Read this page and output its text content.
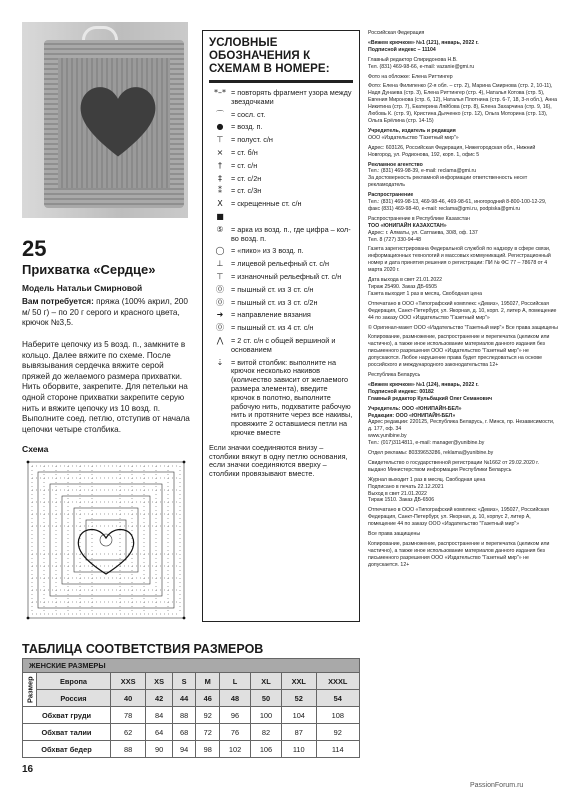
25
Прихватка «Сердце»
Модель Натальи Смирновой
Вам потребуется: пряжа (100% акрил, 200 м/ 50 г) – по 20 г серого и красного цвета, крючок №3,5.
Наберите цепочку из 5 возд. п., замкните в кольцо. Далее вяжите по схеме. После вывязывания сердечка вяжите серой пряжей до желаемого размера прихватки. Нить оборвите, закрепите. Для петельки на одной стороне прихватки закрепите серую нить и вяжите цепочку из 10 возд. п. Выполните соед. петлю, отступив от начала цепочки четыре столбика.
Схема
УСЛОВНЫЕ ОБОЗНАЧЕНИЯ К СХЕМАМ В НОМЕРЕ:
*–* = повторять фрагмент узора между звездочками
⌒ = сосл. ст.
●	= возд. п.
⊤	= полуст. с/н
×	= ст. б/н
†	= ст. с/н
‡	= ст. с/2н
⁑	= ст. с/3н
Χ	= скрещенные ст. с/н
■
⑤	= арка из возд. п., где цифра – кол-во возд. п.
◯ = «пико» из 3 возд. п.
⊥	= лицевой рельефный ст. с/н
⊤	= изнаночный рельефный ст. с/н
⓪ = пышный ст. из 3 ст. с/н
⓪ = пышный ст. из 3 ст. с/2н
➜	= направление вязания
⓪ = пышный ст. из 4 ст. с/н
⋀	= 2 ст. с/н с общей вершиной и основанием
⇣	= витой столбик: выполните на крючок несколько накивов (количество зависит от желаемого размера элемента), введите крючок в полотно, выполните рабочую нить, подхватите рабочую нить и протяните через все накивы, провяжите 2 оставшиеся петли на крючке вместе
Если значки соединяются внизу – столбики вяжут в одну петлю основания, если значки соединяются вверху – столбики провязывают вместе.

Российская Федерация

«Вяжем крючком» №1 (121), январь, 2022 г.
Подписной индекс – 11104

Главный редактор Спиридонова Н.В.
Тел. (831) 469-98-66, e-mail: vazaniе@gmi.ru

Фото на обложке: Елена Риттингер

Фото: Елена Филипенко (2-я обл. – стр. 2), Марина Смирнова (стр. 2, 10-11), Надя Дунаева (стр. 3), Елена Риттингер (стр. 4), Наталья Котова (стр. 5), Евгения Миронова (стр. 6, 12), Наталья Плотнина (стр. 6-7, 18, 3-я обл.), Анна Никитина (стр. 7), Екатерина Ляйбова (стр. 8), Елена Захарчина (стр. 9, 16), Любовь К. (стр. 9), Кристина Дьяченко (стр. 12), Ольга Моторина (стр. 13), Ольга Ерёлина (стр. 14-15)

Учредитель, издатель и редакция
ООО «Издательство "Газетный мир"»

Адрес: 603126, Российская Федерация, Нижегородская обл., Нижний Новгород, ул. Родионова, 192, корп. 1, офис 5

Рекламное агентство
Тел.: (831) 469-98-39, e-mail: reclama@gmi.ru
За достоверность рекламной информации ответственность несет рекламодатель

Распространение
Тел.: (831) 469-98-13, 469-98-46, 469-98-61, иногородний 8-800-100-12-29, факс (831) 469-98-40, e-mail: reclama@gmi.ru, podpiska@gmi.ru

Распространение в Республике Казахстан
ТОО «ЮНИПАЙН КАЗАХСТАН»
Адрес: г. Алматы, ул. Сатпаева, 30/8, оф. 137
Тел. 8 (727) 330-94-48

Газета зарегистрирована Федеральной службой по надзору в сфере связи, информационных технологий и массовых коммуникаций. Регистрационный номер и дата принятия решения о регистрации: ПИ № ФС 77 – 78678 от 4 марта 2020 г.

Дата выхода в свет 21.01.2022
Тираж 25490. Заказ ДБ-6505
Газета выходит 1 раз в месяц. Свободная цена

Отпечатано в ООО «Типографский комплекс «Девиз», 195027, Российская Федерация, Санкт-Петербург, ул. Якорная, д. 10, корп. 2, литер А, помещение 44 по заказу ООО «Издательство "Газетный мир"»

© Оригинал-макет ООО «Издательство "Газетный мир"» Все права защищены

Копирование, размножение, распространение и перепечатка (целиком или частично), а также иное использование материалов данного издания без письменного разрешения ООО «Издательство "Газетный мир"» не допускаются. Любое нарушение права будет преследоваться на основе российского и международного законодательства 12+

Республика Беларусь

«Вяжем крючком» №1 (124), январь, 2022 г.
Подписной индекс: 00182
Главный редактор Кульбацкий Олег Семанович

Учредитель: ООО «ЮНИПАЙН-БЕЛ»
Редакция: ООО «ЮНИПАЙН-БЕЛ»
Адрес редакции: 220125, Республика Беларусь, г. Минск, пр. Независимости, д. 177, оф. 34
www.yunibine.by
Тел.: (017)3114811, e-mail: manager@yunibine.by

Отдел рекламы: 80339653286, reklama@yunibine.by

Свидетельство о государственной регистрации №1662 от 29.02.2020 г. выдано Министерством информации Республики Беларусь

Журнал выходит 1 раз в месяц. Свободная цена
Подписано в печать 22.12.2021
Выход в свет 21.01.2022
Тираж 1510. Заказ ДБ-6506

Отпечатано в ООО «Типографский комплекс «Девиз», 195027, Российская Федерация, Санкт-Петербург, ул. Якорная, д. 10, корпус 2, литер А, помещение 44 по заказу ООО «Издательство "Газетный мир"»

Все права защищены

Копирование, размножение, распространение и перепечатка (целиком или частично), а также иное использование материалов данного издания без письменного разрешения ООО «Издательство "Газетный мир"» не допускается. 12+

ТАБЛИЦА СООТВЕТСТВИЯ РАЗМЕРОВ
ЖЕНСКИЕ РАЗМЕРЫ									
Размер	Европа	XXS	XS	S	M	L	XL	XXL	XXXL
	Россия	40	42	44	46	48	50	52	54
Обхват груди		78	84	88	92	96	100	104	108
Обхват талии		62	64	68	72	76	82	87	92
Обхват бедер		88	90	94	98	102	106	110	114
16
PassionForum.ru
